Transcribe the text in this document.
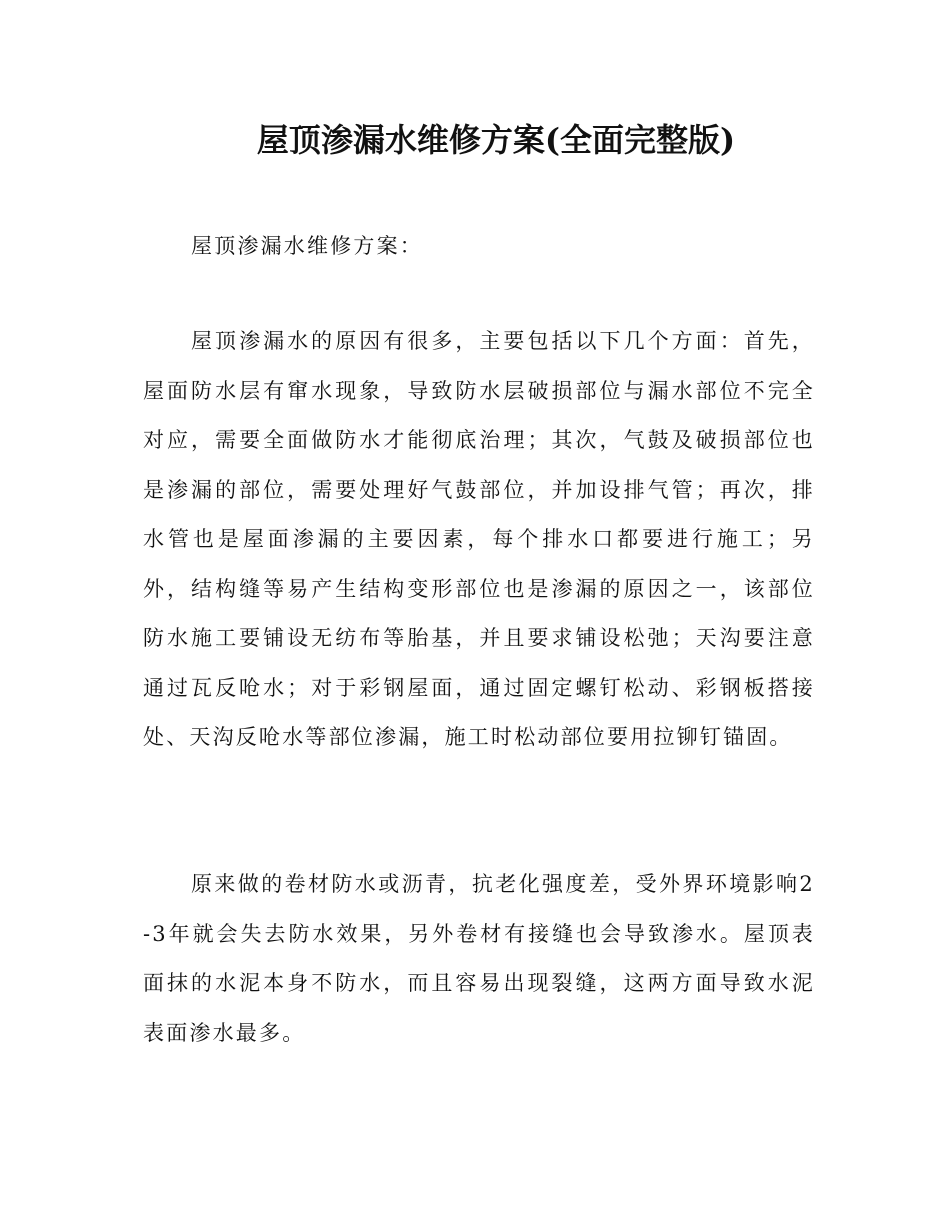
屋顶渗漏水维修方案(全面完整版)

屋顶渗漏水维修方案：

屋顶渗漏水的原因有很多，主要包括以下几个方面：首先，屋面防水层有窜水现象，导致防水层破损部位与漏水部位不完全对应，需要全面做防水才能彻底治理；其次，气鼓及破损部位也是渗漏的部位，需要处理好气鼓部位，并加设排气管；再次，排水管也是屋面渗漏的主要因素，每个排水口都要进行施工；另外，结构缝等易产生结构变形部位也是渗漏的原因之一，该部位防水施工要铺设无纺布等胎基，并且要求铺设松弛；天沟要注意通过瓦反呛水；对于彩钢屋面，通过固定螺钉松动、彩钢板搭接处、天沟反呛水等部位渗漏，施工时松动部位要用拉铆钉锚固。

原来做的卷材防水或沥青，抗老化强度差，受外界环境影响2-3年就会失去防水效果，另外卷材有接缝也会导致渗水。屋顶表面抹的水泥本身不防水，而且容易出现裂缝，这两方面导致水泥表面渗水最多。
